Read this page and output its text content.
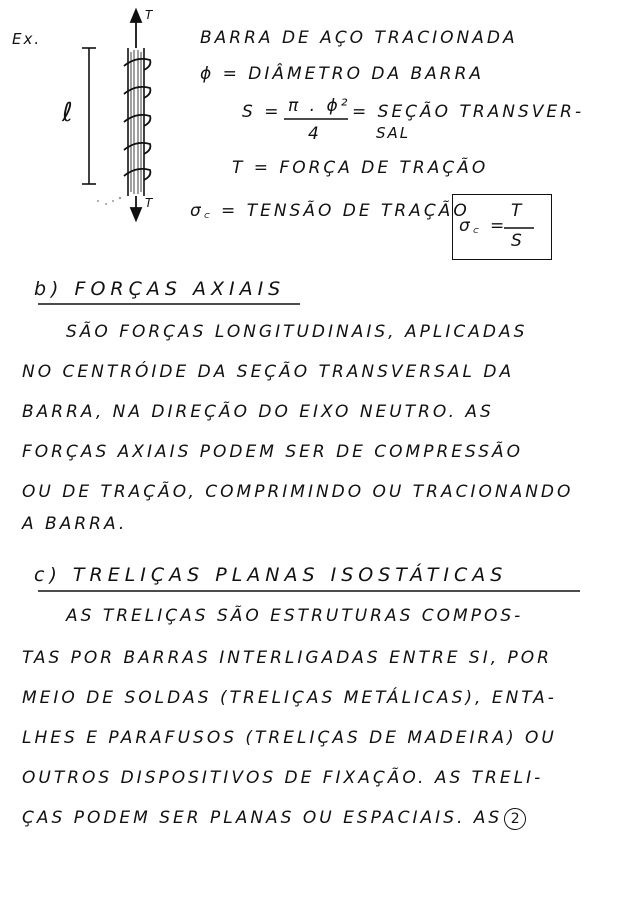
Ex.
T
T
ℓ
BARRA DE AÇO TRACIONADA
ϕ = DIÂMETRO DA BARRA
S = π . ϕ²
4
= SEÇÃO TRANSVER-
SAL
T = FORÇA DE TRAÇÃO
σ꜀ = TENSÃO DE TRAÇÃO
σ꜀ =
T
S
b) FORÇAS AXIAIS
SÃO FORÇAS LONGITUDINAIS, APLICADAS
NO CENTRÓIDE DA SEÇÃO TRANSVERSAL DA
BARRA, NA DIREÇÃO DO EIXO NEUTRO. AS
FORÇAS AXIAIS PODEM SER DE COMPRESSÃO
OU DE TRAÇÃO, COMPRIMINDO OU TRACIONANDO
A BARRA.
c) TRELIÇAS PLANAS ISOSTÁTICAS
AS TRELIÇAS SÃO ESTRUTURAS COMPOS-
TAS POR BARRAS INTERLIGADAS ENTRE SI, POR
MEIO DE SOLDAS (TRELIÇAS METÁLICAS), ENTA-
LHES E PARAFUSOS (TRELIÇAS DE MADEIRA) OU
OUTROS DISPOSITIVOS DE FIXAÇÃO. AS TRELI-
ÇAS PODEM SER PLANAS OU ESPACIAIS. AS 2
